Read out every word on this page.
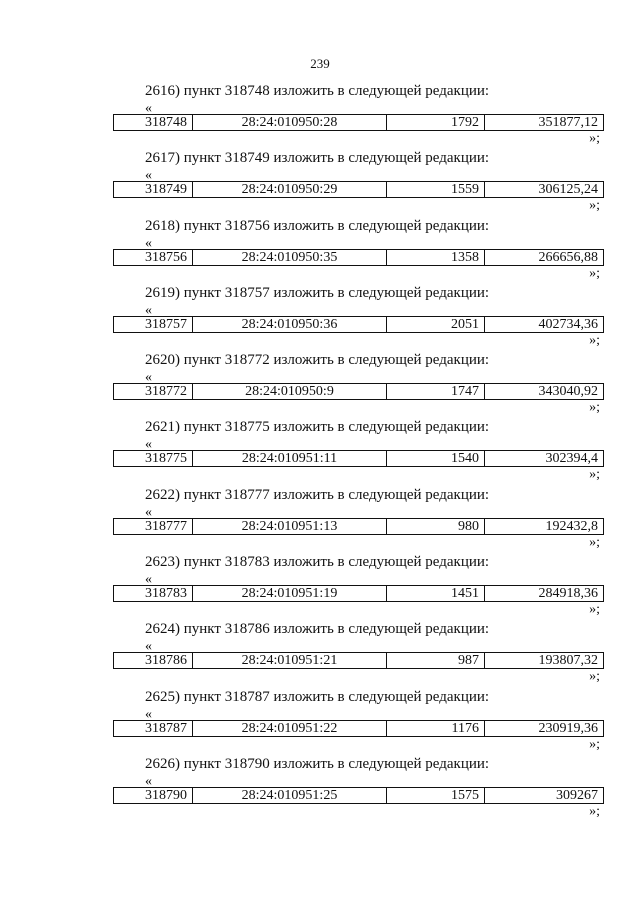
239
2616) пункт 318748 изложить в следующей редакции:
«
318748	28:24:010950:28	1792	351877,12
»;
2617) пункт 318749 изложить в следующей редакции:
«
318749	28:24:010950:29	1559	306125,24
»;
2618) пункт 318756 изложить в следующей редакции:
«
318756	28:24:010950:35	1358	266656,88
»;
2619) пункт 318757 изложить в следующей редакции:
«
318757	28:24:010950:36	2051	402734,36
»;
2620) пункт 318772 изложить в следующей редакции:
«
318772	28:24:010950:9	1747	343040,92
»;
2621) пункт 318775 изложить в следующей редакции:
«
318775	28:24:010951:11	1540	302394,4
»;
2622) пункт 318777 изложить в следующей редакции:
«
318777	28:24:010951:13	980	192432,8
»;
2623) пункт 318783 изложить в следующей редакции:
«
318783	28:24:010951:19	1451	284918,36
»;
2624) пункт 318786 изложить в следующей редакции:
«
318786	28:24:010951:21	987	193807,32
»;
2625) пункт 318787 изложить в следующей редакции:
«
318787	28:24:010951:22	1176	230919,36
»;
2626) пункт 318790 изложить в следующей редакции:
«
318790	28:24:010951:25	1575	309267
»;
